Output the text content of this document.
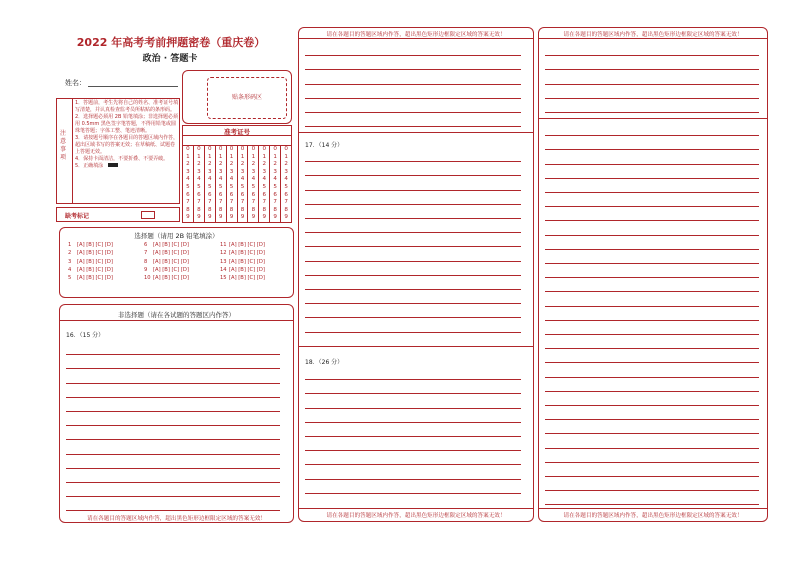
2022 年高考考前押题密卷（重庆卷）
政治 · 答题卡
姓名：
贴条形码区
注意事项
1．答题前，考生先将自己的姓名、准考证号填写清楚，并认真检查监考员所粘贴的条形码。
2．选择题必须用 2B 铅笔填涂；非选择题必须用 0.5mm 黑色签字笔答题，不得用铅笔或圆珠笔答题；字体工整、笔迹清晰。
3．请按题号顺序在各题目的答题区域内作答，超出区域书写的答案无效；在草稿纸、试题卷上答题无效。
4．保持卡面清洁，不要折叠、不要弄破。
5．正确填涂
准考证号
0
1
2
3
4
5
6
7
8
9
0
1
2
3
4
5
6
7
8
9
0
1
2
3
4
5
6
7
8
9
0
1
2
3
4
5
6
7
8
9
0
1
2
3
4
5
6
7
8
9
0
1
2
3
4
5
6
7
8
9
0
1
2
3
4
5
6
7
8
9
0
1
2
3
4
5
6
7
8
9
0
1
2
3
4
5
6
7
8
9
0
1
2
3
4
5
6
7
8
9
缺考标记
选择题（请用 2B 铅笔填涂）
1 [A] [B] [C] [D]
2 [A] [B] [C] [D]
3 [A] [B] [C] [D]
4 [A] [B] [C] [D]
5 [A] [B] [C] [D]
6 [A] [B] [C] [D]
7 [A] [B] [C] [D]
8 [A] [B] [C] [D]
9 [A] [B] [C] [D]
10 [A] [B] [C] [D]
11 [A] [B] [C] [D]
12 [A] [B] [C] [D]
13 [A] [B] [C] [D]
14 [A] [B] [C] [D]
15 [A] [B] [C] [D]
非选择题（请在各试题的答题区内作答）
16．（15 分）
请在各题目的答题区域内作答，超出黑色矩形边框限定区域的答案无效！
请在各题目的答题区域内作答，超出黑色矩形边框限定区域的答案无效！
请在各题目的答题区域内作答，超出黑色矩形边框限定区域的答案无效！
17．（14 分）
18．（26 分）
请在各题目的答题区域内作答，超出黑色矩形边框限定区域的答案无效！
请在各题目的答题区域内作答，超出黑色矩形边框限定区域的答案无效！
